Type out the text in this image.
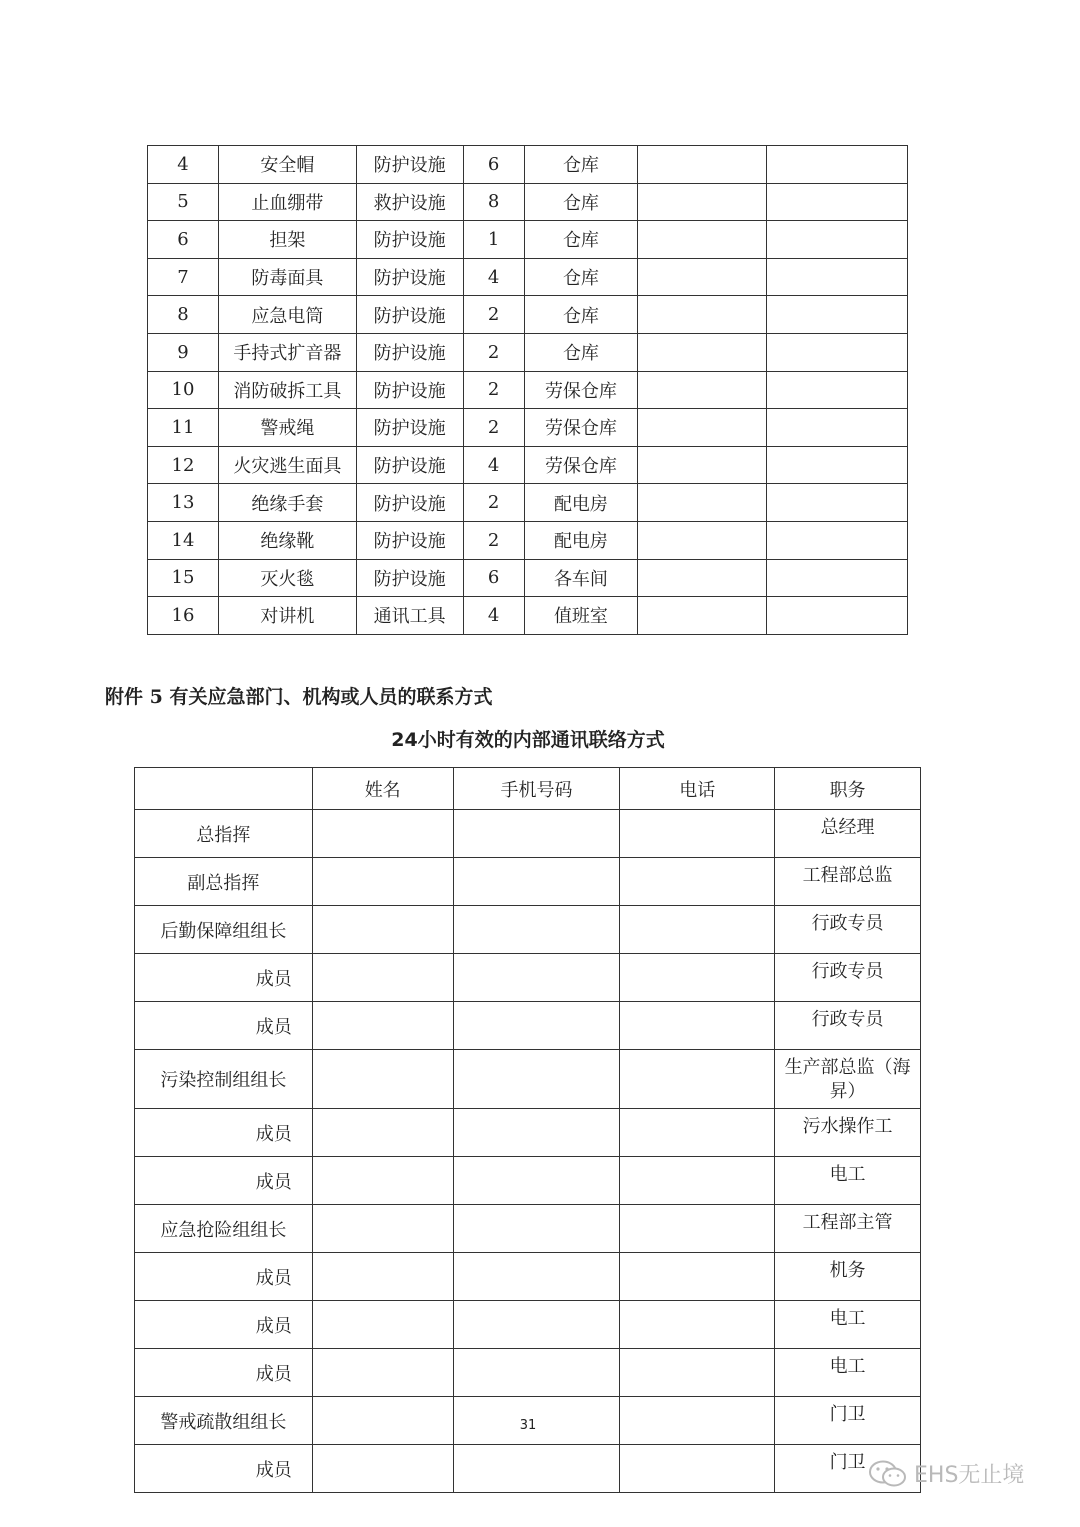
4	安全帽	防护设施	6	仓库		
5	止血绷带	救护设施	8	仓库		
6	担架	防护设施	1	仓库		
7	防毒面具	防护设施	4	仓库		
8	应急电筒	防护设施	2	仓库		
9	手持式扩音器	防护设施	2	仓库		
10	消防破拆工具	防护设施	2	劳保仓库		
11	警戒绳	防护设施	2	劳保仓库		
12	火灾逃生面具	防护设施	4	劳保仓库		
13	绝缘手套	防护设施	2	配电房		
14	绝缘靴	防护设施	2	配电房		
15	灭火毯	防护设施	6	各车间		
16	对讲机	通讯工具	4	值班室		
附件 5 有关应急部门、机构或人员的联系方式
24小时有效的内部通讯联络方式
	姓名	手机号码	电话	职务
总指挥				总经理
副总指挥				工程部总监
后勤保障组组长				行政专员
成员				行政专员
成员				行政专员
污染控制组组长				生产部总监（海昇）
成员				污水操作工
成员				电工
应急抢险组组长				工程部主管
成员				机务
成员				电工
成员				电工
警戒疏散组组长				门卫
成员				门卫
31
EHS无止境
